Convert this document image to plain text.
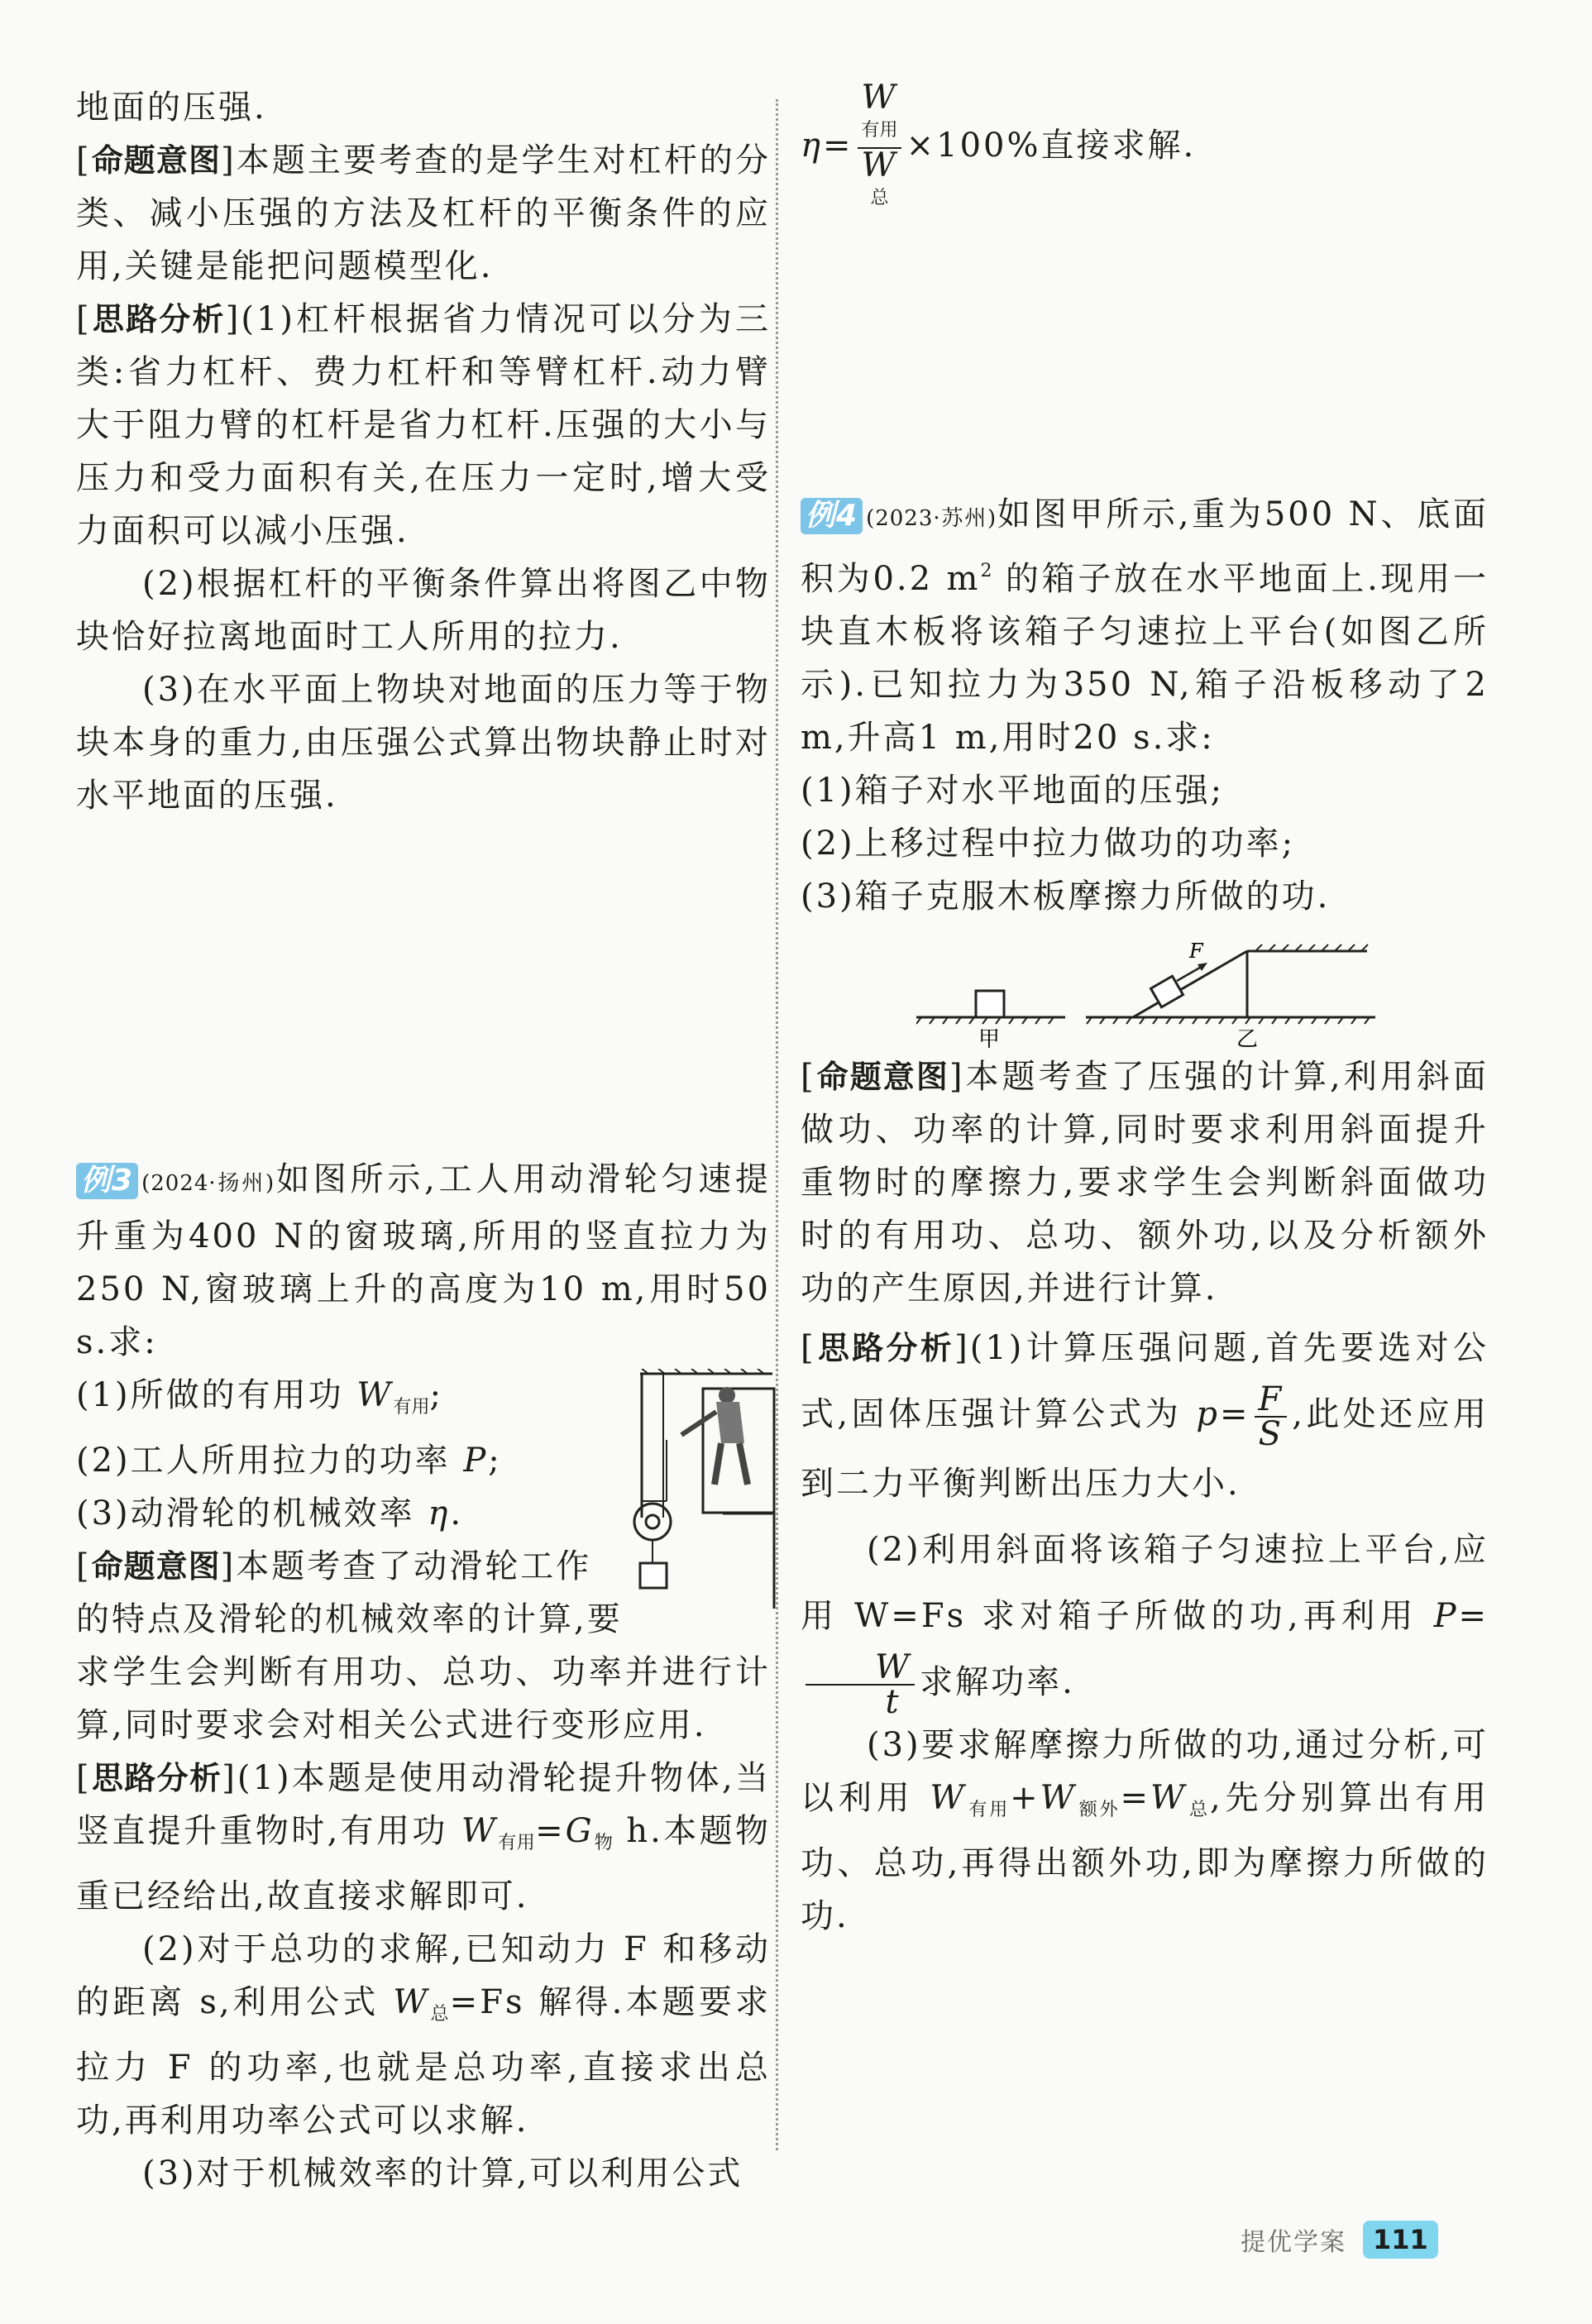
地面的压强.

[命题意图]本题主要考查的是学生对杠杆的分类、减小压强的方法及杠杆的平衡条件的应用,关键是能把问题模型化.

[思路分析](1)杠杆根据省力情况可以分为三类:省力杠杆、费力杠杆和等臂杠杆.动力臂大于阻力臂的杠杆是省力杠杆.压强的大小与压力和受力面积有关,在压力一定时,增大受力面积可以减小压强.

(2)根据杠杆的平衡条件算出将图乙中物块恰好拉离地面时工人所用的拉力.

(3)在水平面上物块对地面的压力等于物块本身的重力,由压强公式算出物块静止时对水平地面的压强.

例3 (2024·扬州)如图所示,工人用动滑轮匀速提升重为400 N的窗玻璃,所用的竖直拉力为250 N,窗玻璃上升的高度为10 m,用时50 s.求:

(1)所做的有用功 $W_{有用}$;

(2)工人所用拉力的功率 P;

(3)动滑轮的机械效率 η.

[命题意图]本题考查了动滑轮工作

的特点及滑轮的机械效率的计算,要

求学生会判断有用功、总功、功率并进行计算,同时要求会对相关公式进行变形应用.

[思路分析](1)本题是使用动滑轮提升物体,当竖直提升重物时,有用功 $W_{有用}=G_物$ h.本题物重已经给出,故直接求解即可.

(2)对于总功的求解,已知动力 F 和移动的距离 s,利用公式 $W_总=Fs$ 解得.本题要求拉力 F 的功率,也就是总功率,直接求出总功,再利用功率公式可以求解.

(3)对于机械效率的计算,可以利用公式

η= W
有用
W
总 ×100%直接求解.

例4 (2023·苏州)如图甲所示,重为500 N、底面积为0.2 $m^2$ 的箱子放在水平地面上.现用一块直木板将该箱子匀速拉上平台(如图乙所示).已知拉力为350 N,箱子沿板移动了2 m,升高1 m,用时20 s.求:

(1)箱子对水平地面的压强;

(2)上移过程中拉力做功的功率;

(3)箱子克服木板摩擦力所做的功.

甲
F
乙

[命题意图]本题考查了压强的计算,利用斜面做功、功率的计算,同时要求利用斜面提升重物时的摩擦力,要求学生会判断斜面做功时的有用功、总功、额外功,以及分析额外功的产生原因,并进行计算.

[思路分析](1)计算压强问题,首先要选对公式,固体压强计算公式为 $p= \frac{F}{S}$ ,此处还应用到二力平衡判断出压力大小.

(2)利用斜面将该箱子匀速拉上平台,应用 W=Fs 求对箱子所做的功,再利用 P=
$\frac{W}{t}$ 求解功率.

(3)要求解摩擦力所做的功,通过分析,可以利用 $W_{有用}+W_{额外}=W_总$,先分别算出有用功、总功,再得出额外功,即为摩擦力所做的功.

提优学案	111
